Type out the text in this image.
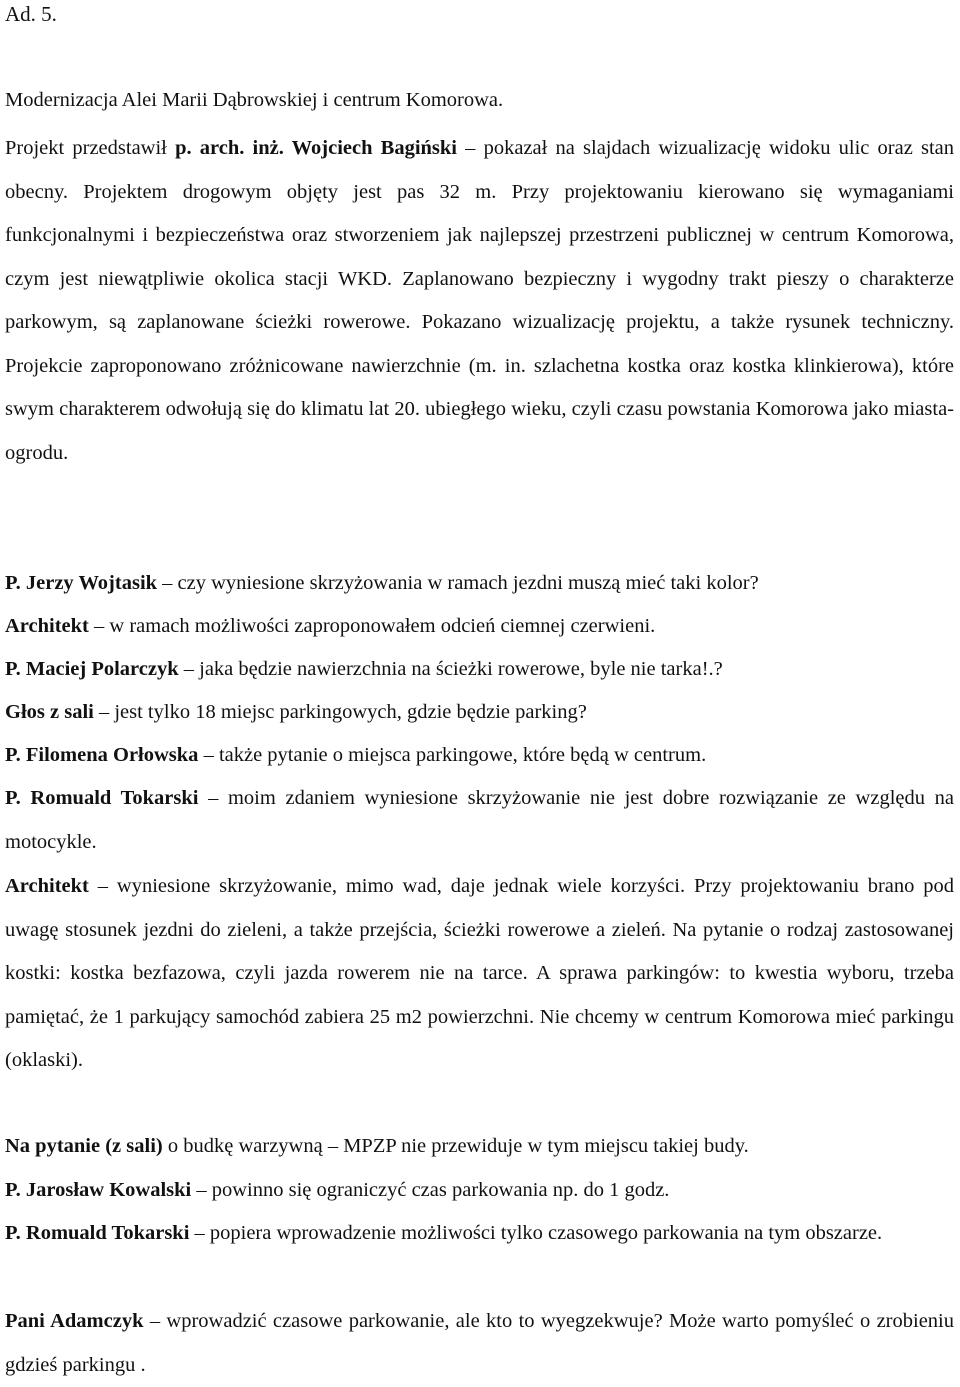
Ad. 5.

Modernizacja Alei Marii Dąbrowskiej i centrum Komorowa.

Projekt przedstawił p. arch. inż. Wojciech Bagiński – pokazał na slajdach wizualizację widoku ulic oraz stan obecny. Projektem drogowym objęty jest pas 32 m. Przy projektowaniu kierowano się wymaganiami funkcjonalnymi i bezpieczeństwa oraz stworzeniem jak najlepszej przestrzeni publicznej w centrum Komorowa, czym jest niewątpliwie okolica stacji WKD. Zaplanowano bezpieczny i wygodny trakt pieszy o charakterze parkowym, są zaplanowane ścieżki rowerowe. Pokazano wizualizację projektu, a także rysunek techniczny. Projekcie zaproponowano zróżnicowane nawierzchnie (m. in. szlachetna kostka oraz kostka klinkierowa), które swym charakterem odwołują się do klimatu lat 20. ubiegłego wieku, czyli czasu powstania Komorowa jako miasta-ogrodu.

P. Jerzy Wojtasik – czy wyniesione skrzyżowania w ramach jezdni muszą mieć taki kolor?

Architekt – w ramach możliwości zaproponowałem odcień ciemnej czerwieni.

P. Maciej Polarczyk – jaka będzie nawierzchnia na ścieżki rowerowe, byle nie tarka!.?

Głos z sali – jest tylko 18 miejsc parkingowych, gdzie będzie parking?

P. Filomena Orłowska – także pytanie o miejsca parkingowe, które będą w centrum.

P. Romuald Tokarski – moim zdaniem wyniesione skrzyżowanie nie jest dobre rozwiązanie ze względu na motocykle.

Architekt – wyniesione skrzyżowanie, mimo wad, daje jednak wiele korzyści. Przy projektowaniu brano pod uwagę stosunek jezdni do zieleni, a także przejścia, ścieżki rowerowe a zieleń. Na pytanie o rodzaj zastosowanej kostki: kostka bezfazowa, czyli jazda rowerem nie na tarce. A sprawa parkingów: to kwestia wyboru, trzeba pamiętać, że 1 parkujący samochód zabiera 25 m2 powierzchni. Nie chcemy w centrum Komorowa mieć parkingu (oklaski).

Na pytanie (z sali) o budkę warzywną – MPZP nie przewiduje w tym miejscu takiej budy.

P. Jarosław Kowalski – powinno się ograniczyć czas parkowania np. do 1 godz.

P. Romuald Tokarski – popiera wprowadzenie możliwości tylko czasowego parkowania na tym obszarze.

Pani Adamczyk – wprowadzić czasowe parkowanie, ale kto to wyegzekwuje? Może warto pomyśleć o zrobieniu gdzieś parkingu .
